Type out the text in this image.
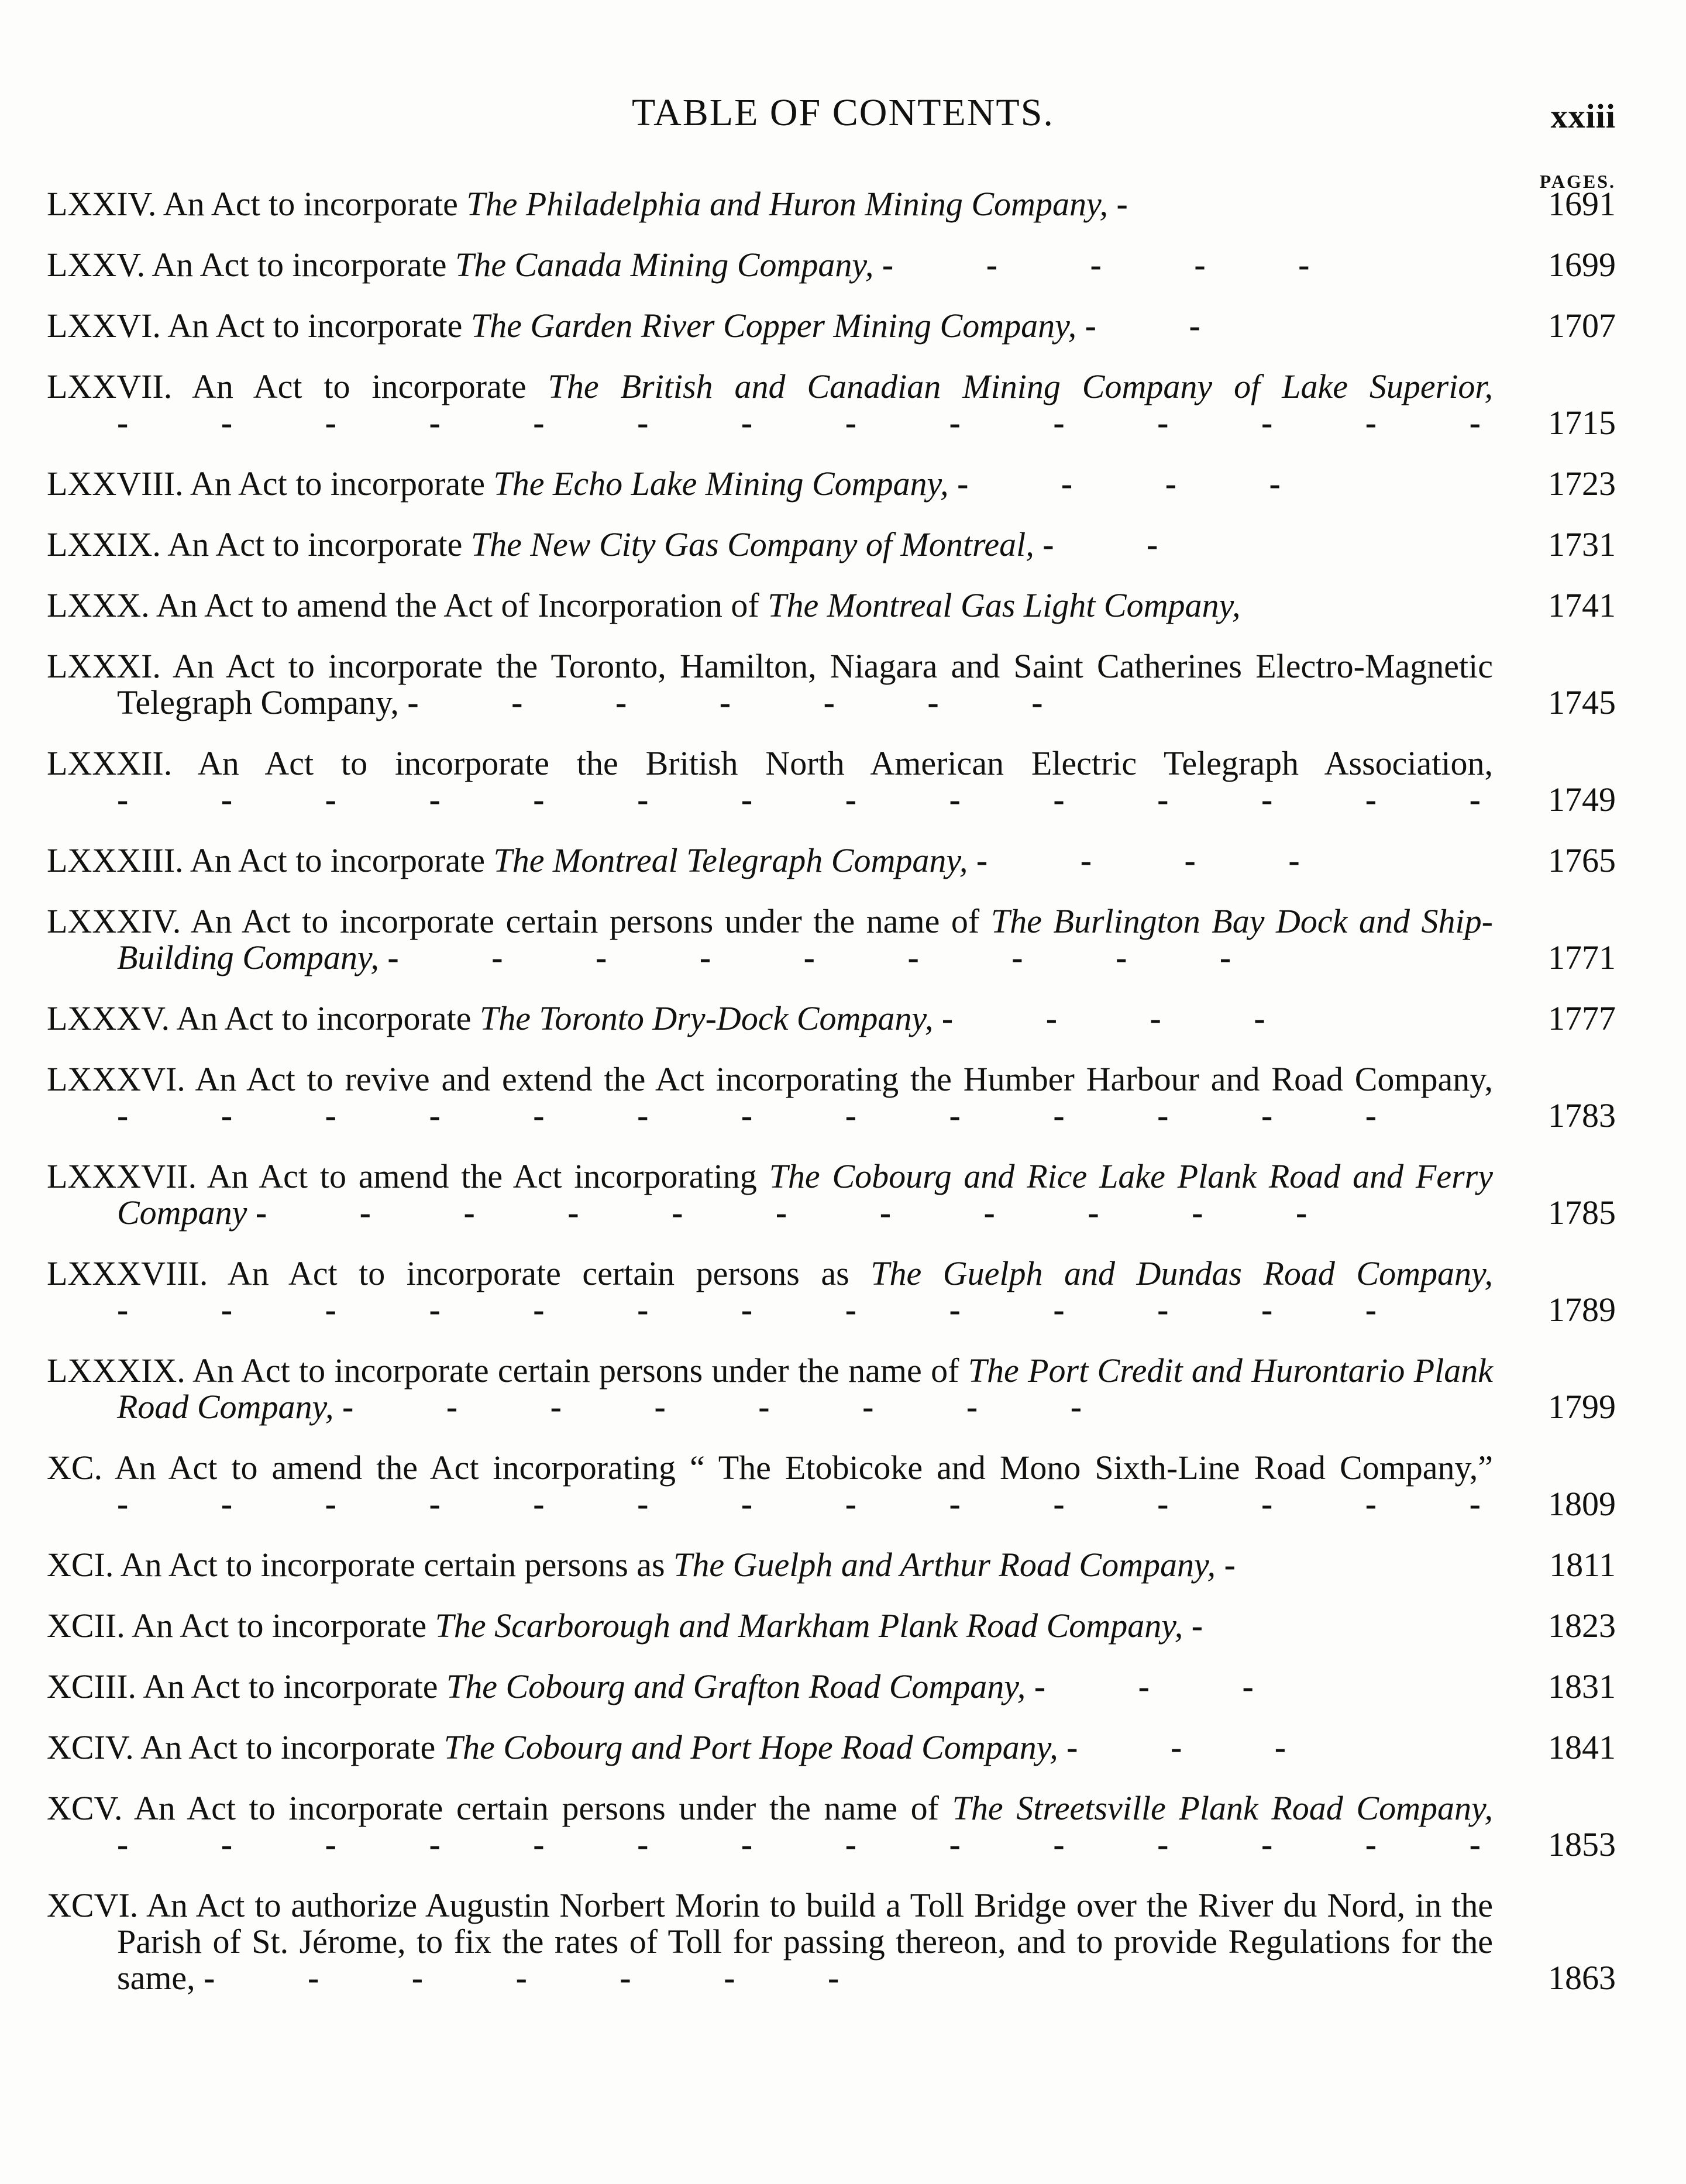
TABLE OF CONTENTS.	xxiii
PAGES.
LXXIV. An Act to incorporate The Philadelphia and Huron Mining Company, -	1691
LXXV. An Act to incorporate The Canada Mining Company, - - - - -	1699
LXXVI. An Act to incorporate The Garden River Copper Mining Company, - -	1707
LXXVII. An Act to incorporate The British and Canadian Mining Company of Lake Superior, - - - - - - - - - - - - - - 1715
LXXVIII. An Act to incorporate The Echo Lake Mining Company, - - - -	1723
LXXIX. An Act to incorporate The New City Gas Company of Montreal, - -	1731
LXXX. An Act to amend the Act of Incorporation of The Montreal Gas Light Company,	1741
LXXXI. An Act to incorporate the Toronto, Hamilton, Niagara and Saint Catherines Electro-Magnetic Telegraph Company, - - - - - - -	1745
LXXXII. An Act to incorporate the British North American Electric Telegraph Association, - - - - - - - - - - - - - - 1749
LXXXIII. An Act to incorporate The Montreal Telegraph Company, - - - -	1765
LXXXIV. An Act to incorporate certain persons under the name of The Burlington Bay Dock and Ship-Building Company, - - - - - - - - -	1771
LXXXV. An Act to incorporate The Toronto Dry-Dock Company, - - - -	1777
LXXXVI. An Act to revive and extend the Act incorporating the Humber Harbour and Road Company, - - - - - - - - - - - - -	1783
LXXXVII. An Act to amend the Act incorporating The Cobourg and Rice Lake Plank Road and Ferry Company - - - - - - - - - - -	1785
LXXXVIII. An Act to incorporate certain persons as The Guelph and Dundas Road Company, - - - - - - - - - - - - -	1789
LXXXIX. An Act to incorporate certain persons under the name of The Port Credit and Hurontario Plank Road Company, - - - - - - - -	1799
XC. An Act to amend the Act incorporating “ The Etobicoke and Mono Sixth-Line Road Company,” - - - - - - - - - - - - - - 1809
XCI. An Act to incorporate certain persons as The Guelph and Arthur Road Company, -	1811
XCII. An Act to incorporate The Scarborough and Markham Plank Road Company, -	1823
XCIII. An Act to incorporate The Cobourg and Grafton Road Company, - - -	1831
XCIV. An Act to incorporate The Cobourg and Port Hope Road Company, - - -	1841
XCV. An Act to incorporate certain persons under the name of The Streetsville Plank Road Company, - - - - - - - - - - - - - - 1853
XCVI. An Act to authorize Augustin Norbert Morin to build a Toll Bridge over the River du Nord, in the Parish of St. Jérome, to fix the rates of Toll for passing thereon, and to provide Regulations for the same, - - - - - - -	1863
